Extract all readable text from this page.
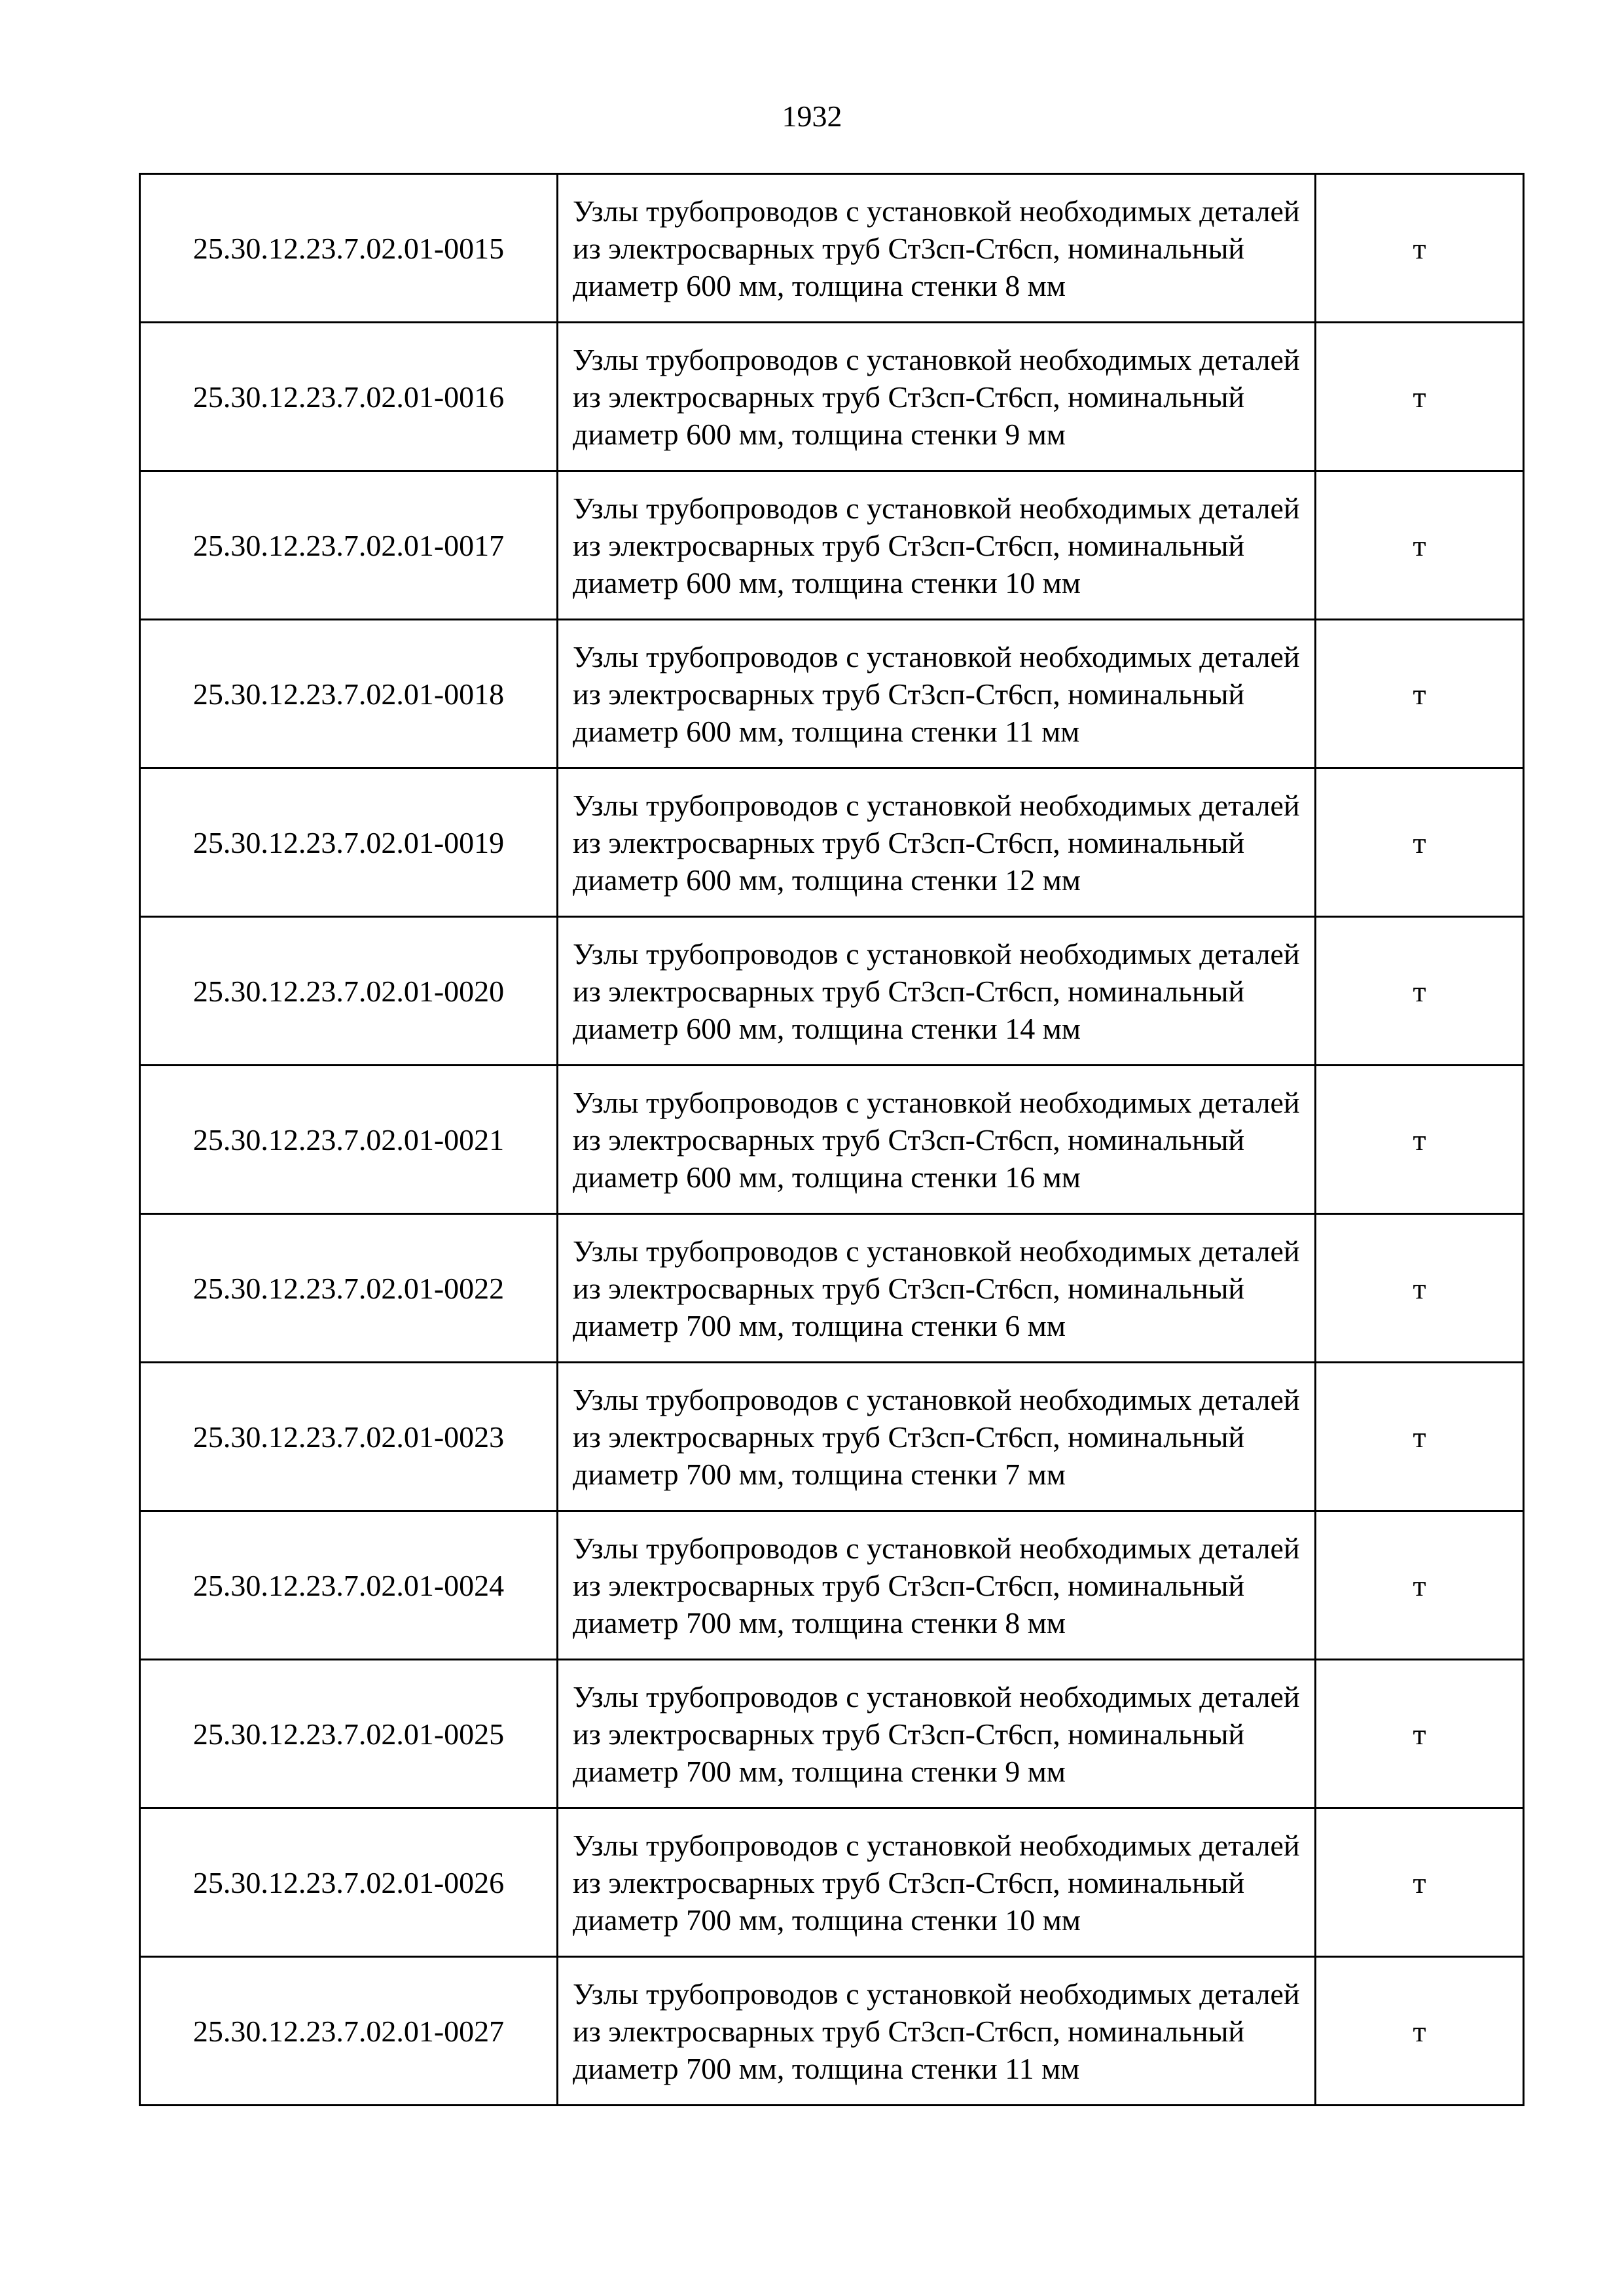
1932
25.30.12.23.7.02.01-0015	Узлы трубопроводов с установкой необходимых деталей из электросварных труб Ст3сп-Ст6сп, номинальный диаметр 600 мм, толщина стенки 8 мм	т
25.30.12.23.7.02.01-0016	Узлы трубопроводов с установкой необходимых деталей из электросварных труб Ст3сп-Ст6сп, номинальный диаметр 600 мм, толщина стенки 9 мм	т
25.30.12.23.7.02.01-0017	Узлы трубопроводов с установкой необходимых деталей из электросварных труб Ст3сп-Ст6сп, номинальный диаметр 600 мм, толщина стенки 10 мм	т
25.30.12.23.7.02.01-0018	Узлы трубопроводов с установкой необходимых деталей из электросварных труб Ст3сп-Ст6сп, номинальный диаметр 600 мм, толщина стенки 11 мм	т
25.30.12.23.7.02.01-0019	Узлы трубопроводов с установкой необходимых деталей из электросварных труб Ст3сп-Ст6сп, номинальный диаметр 600 мм, толщина стенки 12 мм	т
25.30.12.23.7.02.01-0020	Узлы трубопроводов с установкой необходимых деталей из электросварных труб Ст3сп-Ст6сп, номинальный диаметр 600 мм, толщина стенки 14 мм	т
25.30.12.23.7.02.01-0021	Узлы трубопроводов с установкой необходимых деталей из электросварных труб Ст3сп-Ст6сп, номинальный диаметр 600 мм, толщина стенки 16 мм	т
25.30.12.23.7.02.01-0022	Узлы трубопроводов с установкой необходимых деталей из электросварных труб Ст3сп-Ст6сп, номинальный диаметр 700 мм, толщина стенки 6 мм	т
25.30.12.23.7.02.01-0023	Узлы трубопроводов с установкой необходимых деталей из электросварных труб Ст3сп-Ст6сп, номинальный диаметр 700 мм, толщина стенки 7 мм	т
25.30.12.23.7.02.01-0024	Узлы трубопроводов с установкой необходимых деталей из электросварных труб Ст3сп-Ст6сп, номинальный диаметр 700 мм, толщина стенки 8 мм	т
25.30.12.23.7.02.01-0025	Узлы трубопроводов с установкой необходимых деталей из электросварных труб Ст3сп-Ст6сп, номинальный диаметр 700 мм, толщина стенки 9 мм	т
25.30.12.23.7.02.01-0026	Узлы трубопроводов с установкой необходимых деталей из электросварных труб Ст3сп-Ст6сп, номинальный диаметр 700 мм, толщина стенки 10 мм	т
25.30.12.23.7.02.01-0027	Узлы трубопроводов с установкой необходимых деталей из электросварных труб Ст3сп-Ст6сп, номинальный диаметр 700 мм, толщина стенки 11 мм	т
